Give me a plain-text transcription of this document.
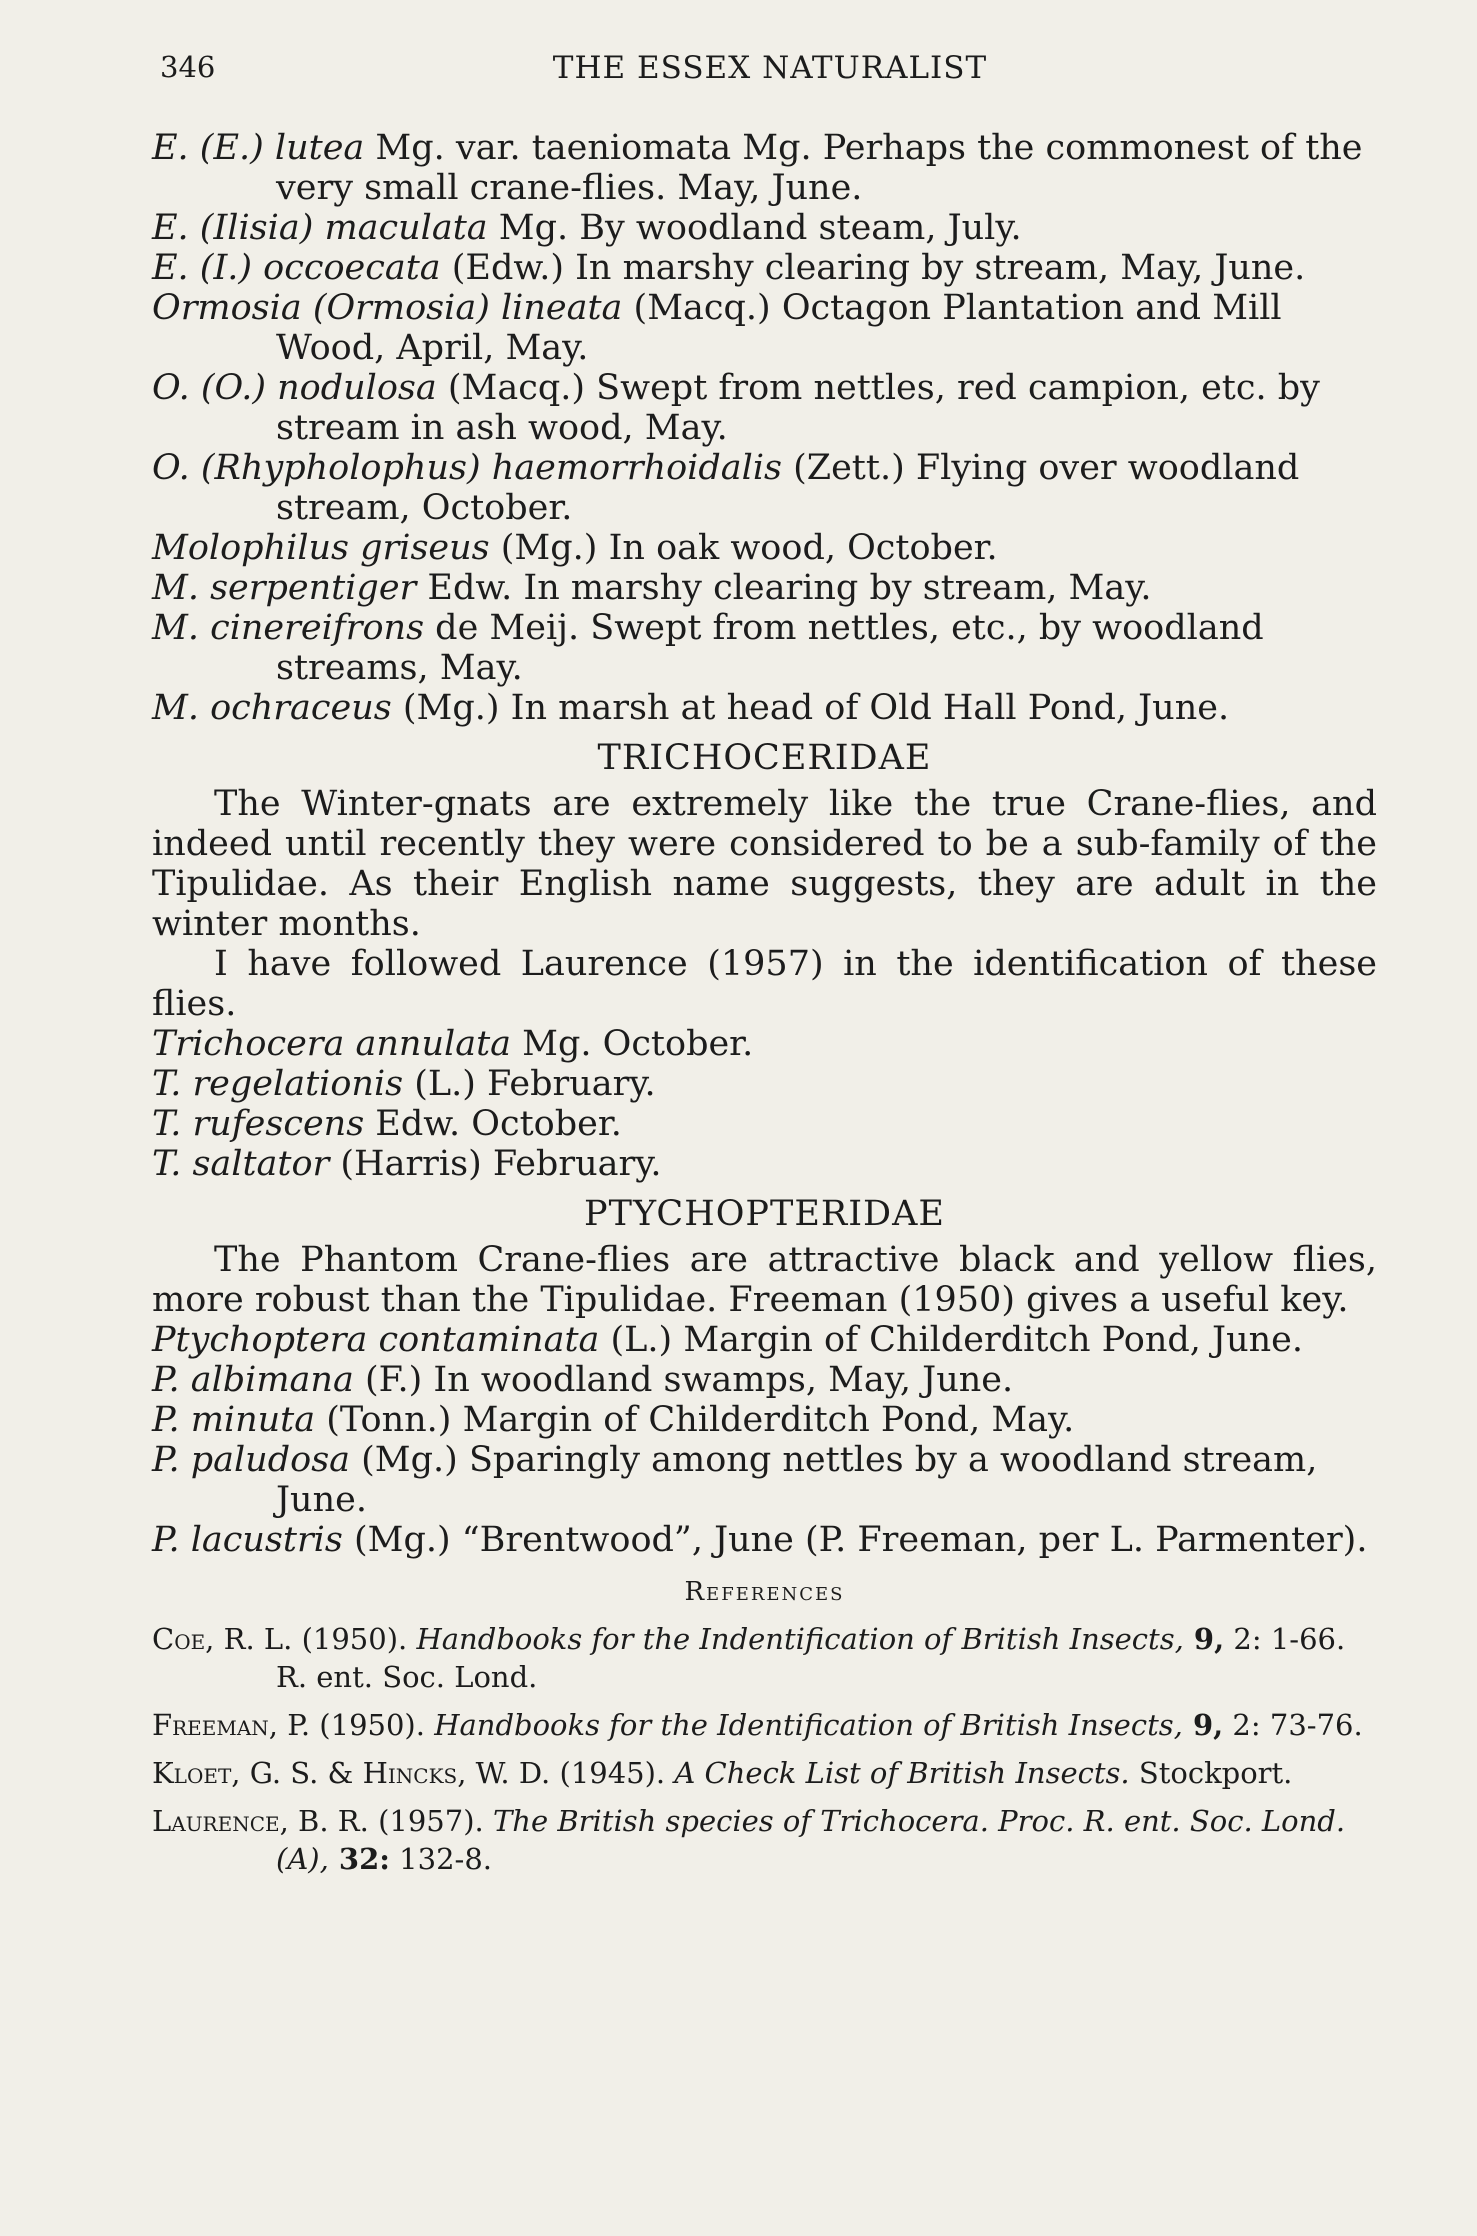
346	THE ESSEX NATURALIST

E. (E.) lutea Mg. var. taeniomata Mg. Perhaps the commonest of the very small crane-flies. May, June.

E. (Ilisia) maculata Mg. By woodland steam, July.

E. (I.) occoecata (Edw.) In marshy clearing by stream, May, June.

Ormosia (Ormosia) lineata (Macq.) Octagon Plantation and Mill Wood, April, May.

O. (O.) nodulosa (Macq.) Swept from nettles, red campion, etc. by stream in ash wood, May.

O. (Rhypholophus) haemorrhoidalis (Zett.) Flying over woodland stream, October.

Molophilus griseus (Mg.) In oak wood, October.

M. serpentiger Edw. In marshy clearing by stream, May.

M. cinereifrons de Meij. Swept from nettles, etc., by woodland streams, May.

M. ochraceus (Mg.) In marsh at head of Old Hall Pond, June.

TRICHOCERIDAE

The Winter-gnats are extremely like the true Crane-flies, and indeed until recently they were considered to be a sub-family of the Tipulidae. As their English name suggests, they are adult in the winter months.

I have followed Laurence (1957) in the identification of these flies.

Trichocera annulata Mg. October.

T. regelationis (L.) February.

T. rufescens Edw. October.

T. saltator (Harris) February.

PTYCHOPTERIDAE

The Phantom Crane-flies are attractive black and yellow flies, more robust than the Tipulidae. Freeman (1950) gives a useful key.

Ptychoptera contaminata (L.) Margin of Childerditch Pond, June.

P. albimana (F.) In woodland swamps, May, June.

P. minuta (Tonn.) Margin of Childerditch Pond, May.

P. paludosa (Mg.) Sparingly among nettles by a woodland stream, June.

P. lacustris (Mg.) “Brentwood”, June (P. Freeman, per L. Parmenter).

References

Coe, R. L. (1950). Handbooks for the Indentification of British Insects, 9, 2: 1-66. R. ent. Soc. Lond.

Freeman, P. (1950). Handbooks for the Identification of British Insects, 9, 2: 73-76.

Kloet, G. S. & Hincks, W. D. (1945). A Check List of British Insects. Stockport.

Laurence, B. R. (1957). The British species of Trichocera. Proc. R. ent. Soc. Lond. (A), 32: 132-8.
